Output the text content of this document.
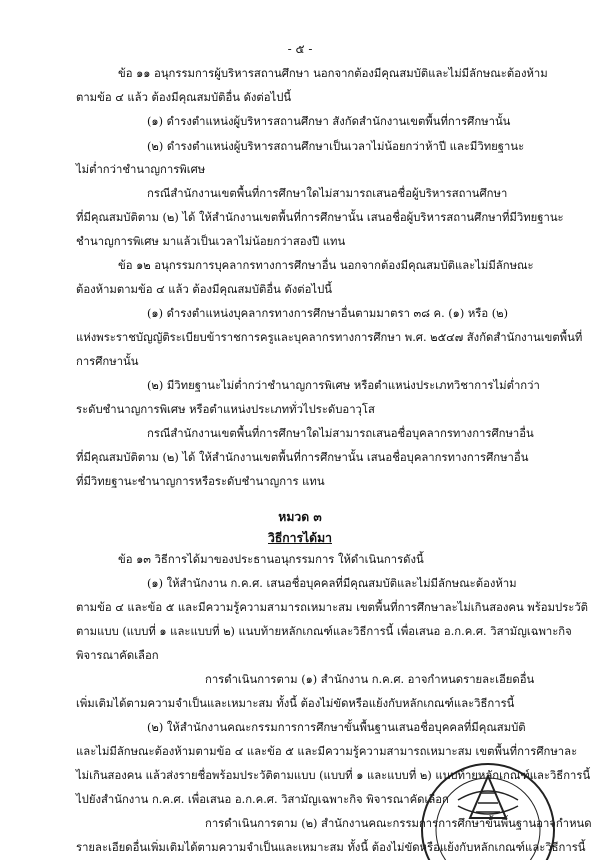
- ๕ -

ข้อ ๑๑ อนุกรรมการผู้บริหารสถานศึกษา นอกจากต้องมีคุณสมบัติและไม่มีลักษณะต้องห้าม

ตามข้อ ๔ แล้ว ต้องมีคุณสมบัติอื่น ดังต่อไปนี้

(๑) ดำรงตำแหน่งผู้บริหารสถานศึกษา สังกัดสำนักงานเขตพื้นที่การศึกษานั้น

(๒) ดำรงตำแหน่งผู้บริหารสถานศึกษาเป็นเวลาไม่น้อยกว่าห้าปี และมีวิทยฐานะ

ไม่ต่ำกว่าชำนาญการพิเศษ

กรณีสำนักงานเขตพื้นที่การศึกษาใดไม่สามารถเสนอชื่อผู้บริหารสถานศึกษา

ที่มีคุณสมบัติตาม (๒) ได้ ให้สำนักงานเขตพื้นที่การศึกษานั้น เสนอชื่อผู้บริหารสถานศึกษาที่มีวิทยฐานะ

ชำนาญการพิเศษ มาแล้วเป็นเวลาไม่น้อยกว่าสองปี แทน

ข้อ ๑๒ อนุกรรมการบุคลากรทางการศึกษาอื่น นอกจากต้องมีคุณสมบัติและไม่มีลักษณะ

ต้องห้ามตามข้อ ๔ แล้ว ต้องมีคุณสมบัติอื่น ดังต่อไปนี้

(๑) ดำรงตำแหน่งบุคลากรทางการศึกษาอื่นตามมาตรา ๓๘ ค. (๑) หรือ (๒)

แห่งพระราชบัญญัติระเบียบข้าราชการครูและบุคลากรทางการศึกษา พ.ศ. ๒๕๔๗ สังกัดสำนักงานเขตพื้นที่

การศึกษานั้น

(๒) มีวิทยฐานะไม่ต่ำกว่าชำนาญการพิเศษ หรือตำแหน่งประเภทวิชาการไม่ต่ำกว่า

ระดับชำนาญการพิเศษ หรือตำแหน่งประเภททั่วไประดับอาวุโส

กรณีสำนักงานเขตพื้นที่การศึกษาใดไม่สามารถเสนอชื่อบุคลากรทางการศึกษาอื่น

ที่มีคุณสมบัติตาม (๒) ได้ ให้สำนักงานเขตพื้นที่การศึกษานั้น เสนอชื่อบุคลากรทางการศึกษาอื่น

ที่มีวิทยฐานะชำนาญการหรือระดับชำนาญการ แทน

หมวด ๓
วิธีการได้มา

ข้อ ๑๓ วิธีการได้มาของประธานอนุกรรมการ ให้ดำเนินการดังนี้

(๑) ให้สำนักงาน ก.ค.ศ. เสนอชื่อบุคคลที่มีคุณสมบัติและไม่มีลักษณะต้องห้าม

ตามข้อ ๔ และข้อ ๕ และมีความรู้ความสามารถเหมาะสม เขตพื้นที่การศึกษาละไม่เกินสองคน พร้อมประวัติ

ตามแบบ (แบบที่ ๑ และแบบที่ ๒) แนบท้ายหลักเกณฑ์และวิธีการนี้ เพื่อเสนอ อ.ก.ค.ศ. วิสามัญเฉพาะกิจ

พิจารณาคัดเลือก

การดำเนินการตาม (๑) สำนักงาน ก.ค.ศ. อาจกำหนดรายละเอียดอื่น

เพิ่มเติมได้ตามความจำเป็นและเหมาะสม ทั้งนี้ ต้องไม่ขัดหรือแย้งกับหลักเกณฑ์และวิธีการนี้

(๒) ให้สำนักงานคณะกรรมการการศึกษาขั้นพื้นฐานเสนอชื่อบุคคลที่มีคุณสมบัติ

และไม่มีลักษณะต้องห้ามตามข้อ ๔ และข้อ ๕ และมีความรู้ความสามารถเหมาะสม เขตพื้นที่การศึกษาละ

ไม่เกินสองคน แล้วส่งรายชื่อพร้อมประวัติตามแบบ (แบบที่ ๑ และแบบที่ ๒) แนบท้ายหลักเกณฑ์และวิธีการนี้

ไปยังสำนักงาน ก.ค.ศ. เพื่อเสนอ อ.ก.ค.ศ. วิสามัญเฉพาะกิจ พิจารณาคัดเลือก

การดำเนินการตาม (๒) สำนักงานคณะกรรมการการศึกษาขั้นพื้นฐานอาจกำหนด

รายละเอียดอื่นเพิ่มเติมได้ตามความจำเป็นและเหมาะสม ทั้งนี้ ต้องไม่ขัดหรือแย้งกับหลักเกณฑ์และวิธีการนี้
